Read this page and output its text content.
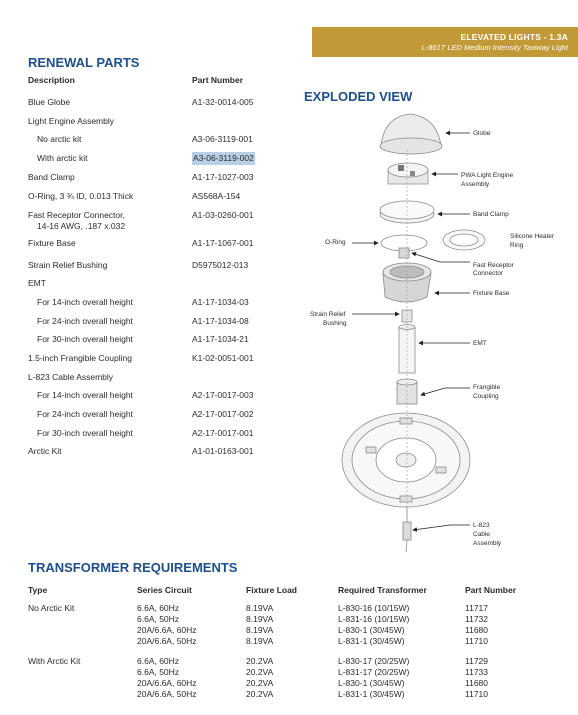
ELEVATED LIGHTS - 1.3A
L-861T LED Medium Intensity Taxiway Light
RENEWAL PARTS
Description	Part Number
Blue Globe	A1-32-0014-005
Light Engine Assembly
No arctic kit	A3-06-3119-001
With arctic kit	A3-06-3119-002
Band Clamp	A1-17-1027-003
O-Ring, 3 ¾ ID, 0.013 Thick	AS568A-154
Fast Receptor Connector,
14-16 AWG, .187 x.032
A1-03-0260-001
Fixture Base	A1-17-1067-001
Strain Relief Bushing	D5975012-013
EMT
For 14-inch overall height	A1-17-1034-03
For 24-inch overall height	A1-17-1034-08
For 30-inch overall height	A1-17-1034-21
1.5-inch Frangible Coupling	K1-02-0051-001
L-823 Cable Assembly
For 14-inch overall height	A2-17-0017-003
For 24-inch overall height	A2-17-0017-002
For 30-inch overall height	A2-17-0017-001
Arctic Kit	A1-01-0163-001
EXPLODED VIEW
Globe
PWA Light Engine
Assembly
Band Clamp
Silicone Heater
Ring
O-Ring
Fast Receptor
Connector
Fixture Base
Strain Relief
Bushing
EMT
Frangible
Coupling
L-823
Cable
Assembly
TRANSFORMER REQUIREMENTS
Type	Series Circuit	Fixture Load	Required Transformer	Part Number
No Arctic Kit	6.6A, 60Hz	8.19VA	L-830-16 (10/15W)	11717
6.6A, 50Hz	8.19VA	L-831-16 (10/15W)	11732
20A/6.6A, 60Hz	8.19VA	L-830-1 (30/45W)	11680
20A/6.6A, 50Hz	8.19VA	L-831-1 (30/45W)	11710
With Arctic Kit	6.6A, 60Hz	20.2VA	L-830-17 (20/25W)	11729
6.6A, 50Hz	20.2VA	L-831-17 (20/25W)	11733
20A/6.6A, 60Hz	20.2VA	L-830-1 (30/45W)	11680
20A/6.6A, 50Hz	20.2VA	L-831-1 (30/45W)	11710
